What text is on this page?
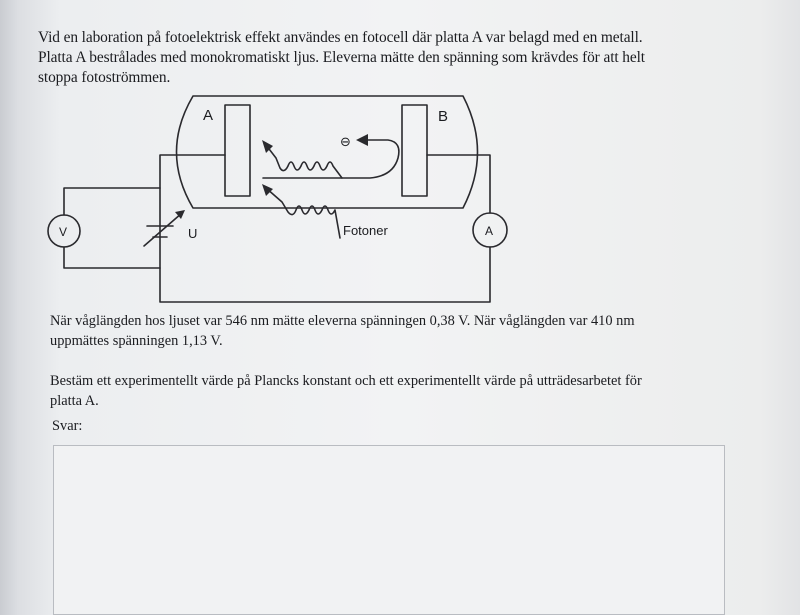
Vid en laboration på fotoelektrisk effekt användes en fotocell där platta A var belagd med en metall.

Platta A bestrålades med monokromatiskt ljus. Eleverna mätte den spänning som krävdes för att helt

stoppa fotoströmmen.

A	B
⊖
V	A
U	Fotoner

När våglängden hos ljuset var 546 nm mätte eleverna spänningen 0,38 V. När våglängden var 410 nm
uppmättes spänningen 1,13 V.

Bestäm ett experimentellt värde på Plancks konstant och ett experimentellt värde på utträdesarbetet för
platta A.

Svar:
